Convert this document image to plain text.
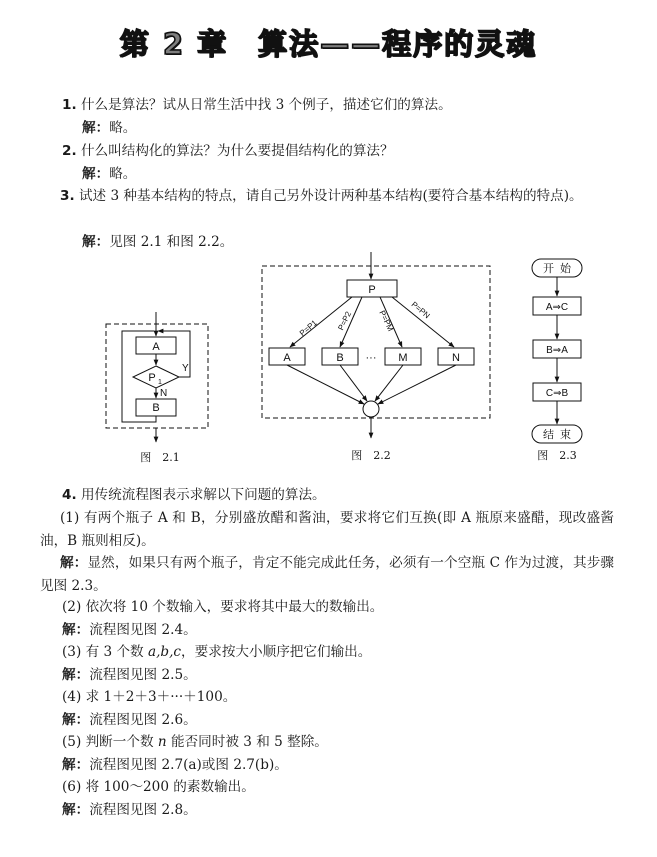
第 2 章 算法——程序的灵魂
1. 什么是算法？试从日常生活中找 3 个例子，描述它们的算法。
解：略。
2. 什么叫结构化的算法？为什么要提倡结构化的算法？
解：略。
3. 试述 3 种基本结构的特点，请自己另外设计两种基本结构(要符合基本结构的特点)。
解：见图 2.1 和图 2.2。
A
P 1
Y
N
B
图　2.1
P
A	B ··· M	N
P=P1 P=P2	P=PM P=PN
图　2.2
开  始
A⇒C
B⇒A
C⇒B
结  束
图　2.3
4. 用传统流程图表示求解以下问题的算法。
(1) 有两个瓶子 A 和 B，分别盛放醋和酱油，要求将它们互换(即 A 瓶原来盛醋，现改盛酱油，B 瓶则相反)。
解：显然，如果只有两个瓶子，肯定不能完成此任务，必须有一个空瓶 C 作为过渡，其步骤见图 2.3。
(2) 依次将 10 个数输入，要求将其中最大的数输出。
解：流程图见图 2.4。
(3) 有 3 个数 a,b,c，要求按大小顺序把它们输出。
解：流程图见图 2.5。
(4) 求 1＋2＋3＋···＋100。
解：流程图见图 2.6。
(5) 判断一个数 n 能否同时被 3 和 5 整除。
解：流程图见图 2.7(a)或图 2.7(b)。
(6) 将 100～200 的素数输出。
解：流程图见图 2.8。
